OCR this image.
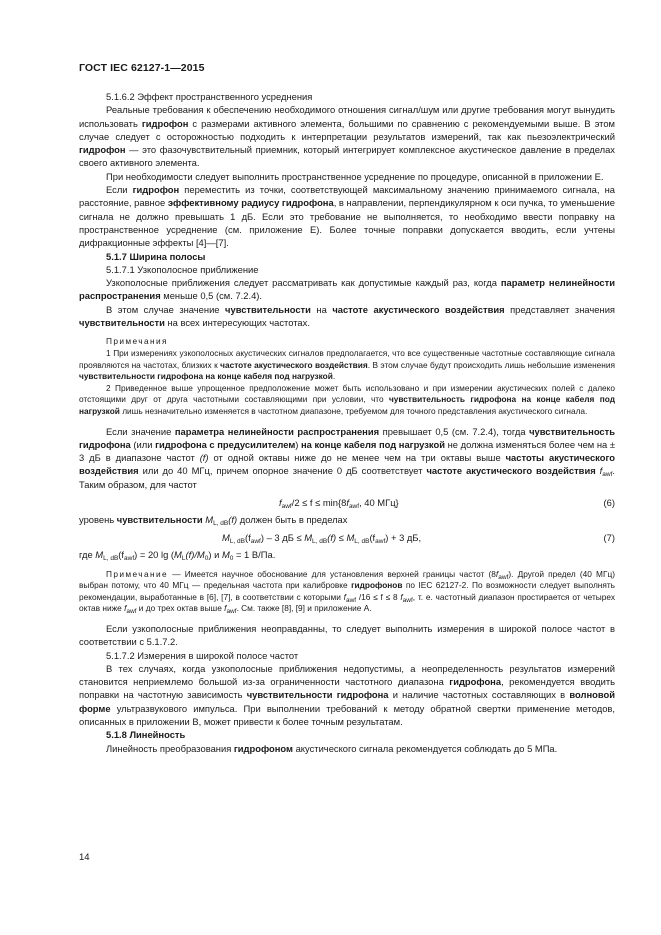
ГОСТ IEC 62127-1—2015

5.1.6.2 Эффект пространственного усреднения

Реальные требования к обеспечению необходимого отношения сигнал/шум или другие требования могут вынудить использовать гидрофон с размерами активного элемента, большими по сравнению с рекомендуемыми выше. В этом случае следует с осторожностью подходить к интерпретации результатов измерений, так как пьезоэлектрический гидрофон — это фазочувствительный приемник, который интегрирует комплексное акустическое давление в пределах своего активного элемента.

При необходимости следует выполнить пространственное усреднение по процедуре, описанной в приложении Е.

Если гидрофон переместить из точки, соответствующей максимальному значению принимаемого сигнала, на расстояние, равное эффективному радиусу гидрофона, в направлении, перпендикулярном к оси пучка, то уменьшение сигнала не должно превышать 1 дБ. Если это требование не выполняется, то необходимо ввести поправку на пространственное усреднение (см. приложение Е). Более точные поправки допускается вводить, если учтены дифракционные эффекты [4]—[7].

5.1.7 Ширина полосы

5.1.7.1 Узкополосное приближение

Узкополосные приближения следует рассматривать как допустимые каждый раз, когда параметр нелинейности распространения меньше 0,5 (см. 7.2.4).

В этом случае значение чувствительности на частоте акустического воздействия представляет значения чувствительности на всех интересующих частотах.

Примечания

1 При измерениях узкополосных акустических сигналов предполагается, что все существенные частотные составляющие сигнала проявляются на частотах, близких к частоте акустического воздействия. В этом случае будут происходить лишь небольшие изменения чувствительности гидрофона на конце кабеля под нагрузкой.

2 Приведенное выше упрощенное предположение может быть использовано и при измерении акустических полей с далеко отстоящими друг от друга частотными составляющими при условии, что чувствительность гидрофона на конце кабеля под нагрузкой лишь незначительно изменяется в частотном диапазоне, требуемом для точного представления акустического сигнала.

Если значение параметра нелинейности распространения превышает 0,5 (см. 7.2.4), тогда чувствительность гидрофона (или гидрофона с предусилителем) на конце кабеля под нагрузкой не должна изменяться более чем на ± 3 дБ в диапазоне частот (f) от одной октавы ниже до не менее чем на три октавы выше частоты акустического воздействия или до 40 МГц, причем опорное значение 0 дБ соответствует частоте акустического воздействия $f_{awf}$. Таким образом, для частот

$f_{awf}/2 \le f \le \min\{8f_{awf}$, 40 МГц}	(6)

уровень чувствительности $M_{L, dB}(f)$ должен быть в пределах

$M_{L, dB}(f_{awf}) - 3$ дБ ≤ $M_{L, dB}(f) \le M_{L, dB}(f_{awf}) + 3$ дБ,	(7)

где $M_{L, dB}(f_{awf}) = 20$ $\lg (M_L(f)/M_0)$ и $M_0 = 1$ В/Па.

Примечание — Имеется научное обоснование для установления верхней границы частот $(8f_{awf})$. Другой предел (40 МГц) выбран потому, что 40 МГц — предельная частота при калибровке гидрофонов по IEC 62127-2. По возможности следует выполнять рекомендации, выработанные в [6], [7], в соответствии с которыми $f_{awf}$ /16 ≤ f ≤ 8 $f_{awf}$, т. е. частотный диапазон простирается от четырех октав ниже $f_{awf}$ и до трех октав выше $f_{awf}$. См. также [8], [9] и приложение А.

Если узкополосные приближения неоправданны, то следует выполнить измерения в широкой полосе частот в соответствии с 5.1.7.2.

5.1.7.2 Измерения в широкой полосе частот

В тех случаях, когда узкополосные приближения недопустимы, а неопределенность результатов измерений становится неприемлемо большой из-за ограниченности частотного диапазона гидрофона, рекомендуется вводить поправки на частотную зависимость чувствительности гидрофона и наличие частотных составляющих в волновой форме ультразвукового импульса. При выполнении требований к методу обратной свертки применение методов, описанных в приложении В, может привести к более точным результатам.

5.1.8 Линейность

Линейность преобразования гидрофоном акустического сигнала рекомендуется соблюдать до 5 МПа.

14
